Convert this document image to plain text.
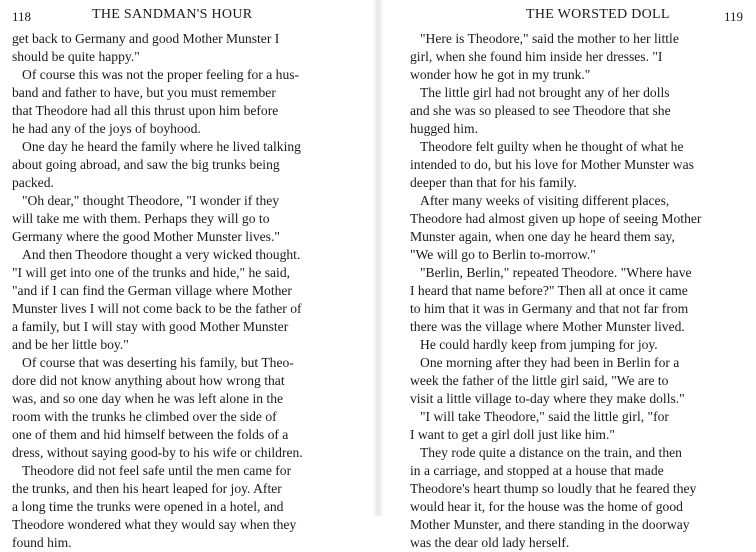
118	THE SANDMAN'S HOUR
get back to Germany and good Mother Munster I
should be quite happy."
Of course this was not the proper feeling for a hus-
band and father to have, but you must remember
that Theodore had all this thrust upon him before
he had any of the joys of boyhood.
One day he heard the family where he lived talking
about going abroad, and saw the big trunks being
packed.
"Oh dear," thought Theodore, "I wonder if they
will take me with them. Perhaps they will go to
Germany where the good Mother Munster lives."
And then Theodore thought a very wicked thought.
"I will get into one of the trunks and hide," he said,
"and if I can find the German village where Mother
Munster lives I will not come back to be the father of
a family, but I will stay with good Mother Munster
and be her little boy."
Of course that was deserting his family, but Theo-
dore did not know anything about how wrong that
was, and so one day when he was left alone in the
room with the trunks he climbed over the side of
one of them and hid himself between the folds of a
dress, without saying good-by to his wife or children.
Theodore did not feel safe until the men came for
the trunks, and then his heart leaped for joy. After
a long time the trunks were opened in a hotel, and
Theodore wondered what they would say when they
found him.
THE WORSTED DOLL	119
"Here is Theodore," said the mother to her little
girl, when she found him inside her dresses. "I
wonder how he got in my trunk."
The little girl had not brought any of her dolls
and she was so pleased to see Theodore that she
hugged him.
Theodore felt guilty when he thought of what he
intended to do, but his love for Mother Munster was
deeper than that for his family.
After many weeks of visiting different places,
Theodore had almost given up hope of seeing Mother
Munster again, when one day he heard them say,
"We will go to Berlin to-morrow."
"Berlin, Berlin," repeated Theodore. "Where have
I heard that name before?" Then all at once it came
to him that it was in Germany and that not far from
there was the village where Mother Munster lived.
He could hardly keep from jumping for joy.
One morning after they had been in Berlin for a
week the father of the little girl said, "We are to
visit a little village to-day where they make dolls."
"I will take Theodore," said the little girl, "for
I want to get a girl doll just like him."
They rode quite a distance on the train, and then
in a carriage, and stopped at a house that made
Theodore's heart thump so loudly that he feared they
would hear it, for the house was the home of good
Mother Munster, and there standing in the doorway
was the dear old lady herself.
